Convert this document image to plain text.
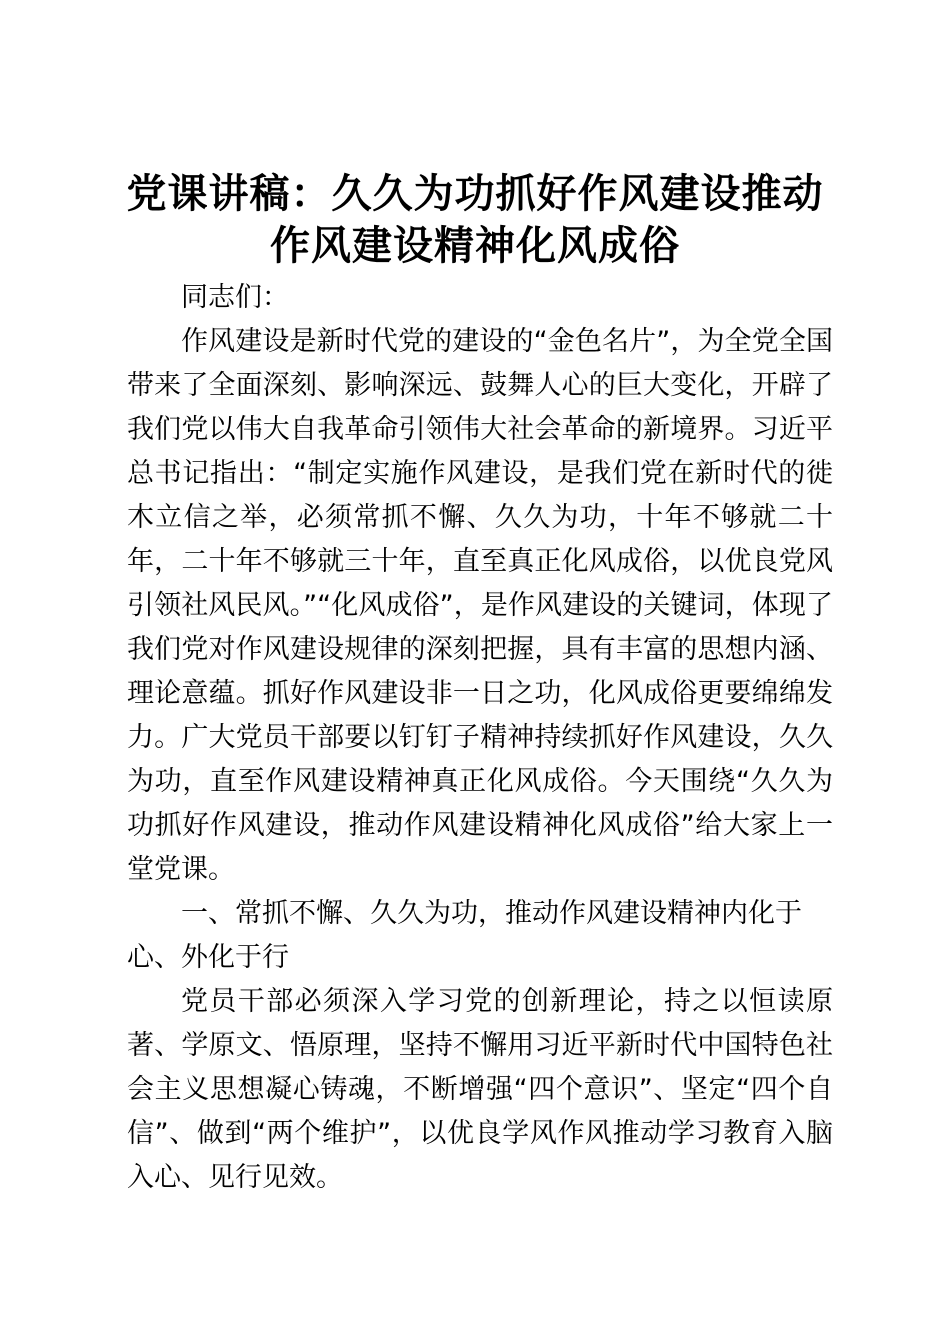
党课讲稿：久久为功抓好作风建设推动
作风建设精神化风成俗

同志们：

作风建设是新时代党的建设的“金色名片”，为全党全国带来了全面深刻、影响深远、鼓舞人心的巨大变化，开辟了我们党以伟大自我革命引领伟大社会革命的新境界。习近平总书记指出：“制定实施作风建设，是我们党在新时代的徙木立信之举，必须常抓不懈、久久为功，十年不够就二十年，二十年不够就三十年，直至真正化风成俗，以优良党风引领社风民风。”“化风成俗”，是作风建设的关键词，体现了我们党对作风建设规律的深刻把握，具有丰富的思想内涵、理论意蕴。抓好作风建设非一日之功，化风成俗更要绵绵发力。广大党员干部要以钉钉子精神持续抓好作风建设，久久为功，直至作风建设精神真正化风成俗。今天围绕“久久为功抓好作风建设，推动作风建设精神化风成俗”给大家上一堂党课。

一、常抓不懈、久久为功，推动作风建设精神内化于心、外化于行

党员干部必须深入学习党的创新理论，持之以恒读原著、学原文、悟原理，坚持不懈用习近平新时代中国特色社会主义思想凝心铸魂，不断增强“四个意识”、坚定“四个自信”、做到“两个维护”，以优良学风作风推动学习教育入脑入心、见行见效。
